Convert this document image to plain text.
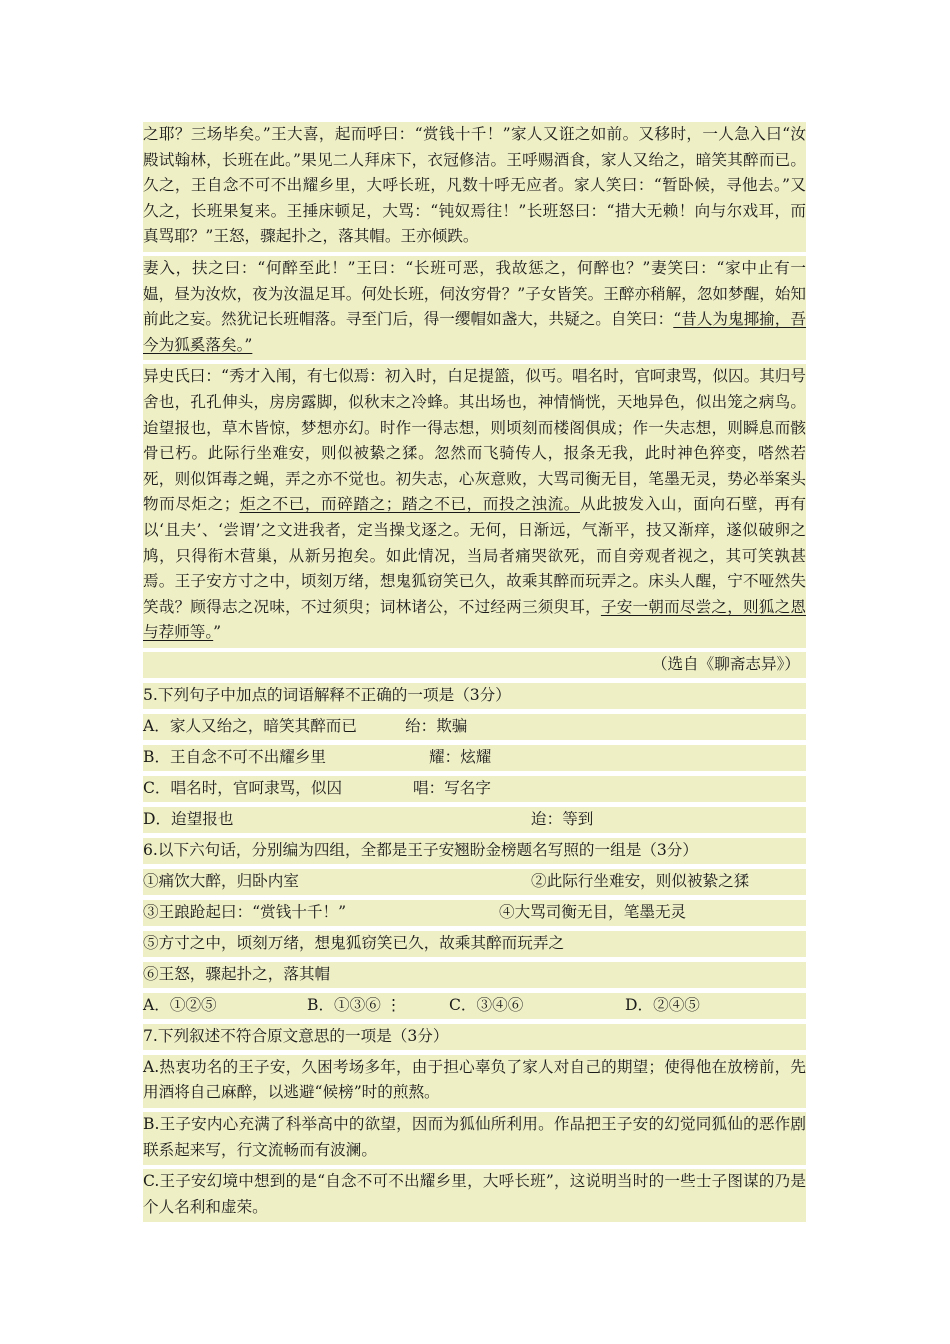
之耶？三场毕矣。”王大喜，起而呼曰：“赏钱十千！”家人又诳之如前。又移时，一人急入曰“汝殿试翰林，长班在此。”果见二人拜床下，衣冠修洁。王呼赐酒食，家人又绐之，暗笑其醉而已。久之，王自念不可不出耀乡里，大呼长班，凡数十呼无应者。家人笑曰：“暂卧候，寻他去。”又久之，长班果复来。王捶床顿足，大骂：“钝奴焉往！”长班怒曰：“措大无赖！向与尔戏耳，而真骂耶？”王怒，骤起扑之，落其帽。王亦倾跌。
妻入，扶之曰：“何醉至此！”王曰：“长班可恶，我故惩之，何醉也？”妻笑曰：“家中止有一媪，昼为汝炊，夜为汝温足耳。何处长班，伺汝穷骨？”子女皆笑。王醉亦稍解，忽如梦醒，始知前此之妄。然犹记长班帽落。寻至门后，得一缨帽如盏大，共疑之。自笑曰：“昔人为鬼揶揄，吾今为狐奚落矣。”
异史氏曰：“秀才入闱，有七似焉：初入时，白足提篮，似丐。唱名时，官呵隶骂，似囚。其归号舍也，孔孔伸头，房房露脚，似秋末之冷蜂。其出场也，神情惝恍，天地异色，似出笼之病鸟。迨望报也，草木皆惊，梦想亦幻。时作一得志想，则顷刻而楼阁俱成；作一失志想，则瞬息而骸骨已朽。此际行坐难安，则似被絷之猱。忽然而飞骑传人，报条无我，此时神色猝变，嗒然若死，则似饵毒之蝇，弄之亦不觉也。初失志，心灰意败，大骂司衡无目，笔墨无灵，势必举案头物而尽炬之；炬之不已，而碎踏之；踏之不已，而投之浊流。从此披发入山，面向石壁，再有以‘且夫’、‘尝谓’之文进我者，定当操戈逐之。无何，日渐远，气渐平，技又渐痒，遂似破卵之鸠，只得衔木营巢，从新另抱矣。如此情况，当局者痛哭欲死，而自旁观者视之，其可笑孰甚焉。王子安方寸之中，顷刻万绪，想鬼狐窃笑已久，故乘其醉而玩弄之。床头人醒，宁不哑然失笑哉？顾得志之况味，不过须臾；词林诸公，不过经两三须臾耳，子安一朝而尽尝之，则狐之恩与荐师等。”
（选自《聊斋志异》）
5.下列句子中加点的词语解释不正确的一项是（3分）
A．家人又绐之，暗笑其醉而已	绐：欺骗
B．王自念不可不出耀乡里	耀：炫耀
C．唱名时，官呵隶骂，似囚	唱：写名字
D．迨望报也	迨：等到
6.以下六句话，分别编为四组，全都是王子安翘盼金榜题名写照的一组是（3分）
①痛饮大醉，归卧内室	②此际行坐难安，则似被絷之猱
③王踉跄起曰：“赏钱十千！”	④大骂司衡无目，笔墨无灵
⑤方寸之中，顷刻万绪，想鬼狐窃笑已久，故乘其醉而玩弄之
⑥王怒，骤起扑之，落其帽
A．①②⑤	B．①③⑥ ⋮	C．③④⑥	D．②④⑤
7.下列叙述不符合原文意思的一项是（3分）
A.热衷功名的王子安，久困考场多年，由于担心辜负了家人对自己的期望；使得他在放榜前，先用酒将自己麻醉，以逃避“候榜”时的煎熬。
B.王子安内心充满了科举高中的欲望，因而为狐仙所利用。作品把王子安的幻觉同狐仙的恶作剧联系起来写，行文流畅而有波澜。
C.王子安幻境中想到的是“自念不可不出耀乡里，大呼长班”，这说明当时的一些士子图谋的乃是个人名利和虚荣。
